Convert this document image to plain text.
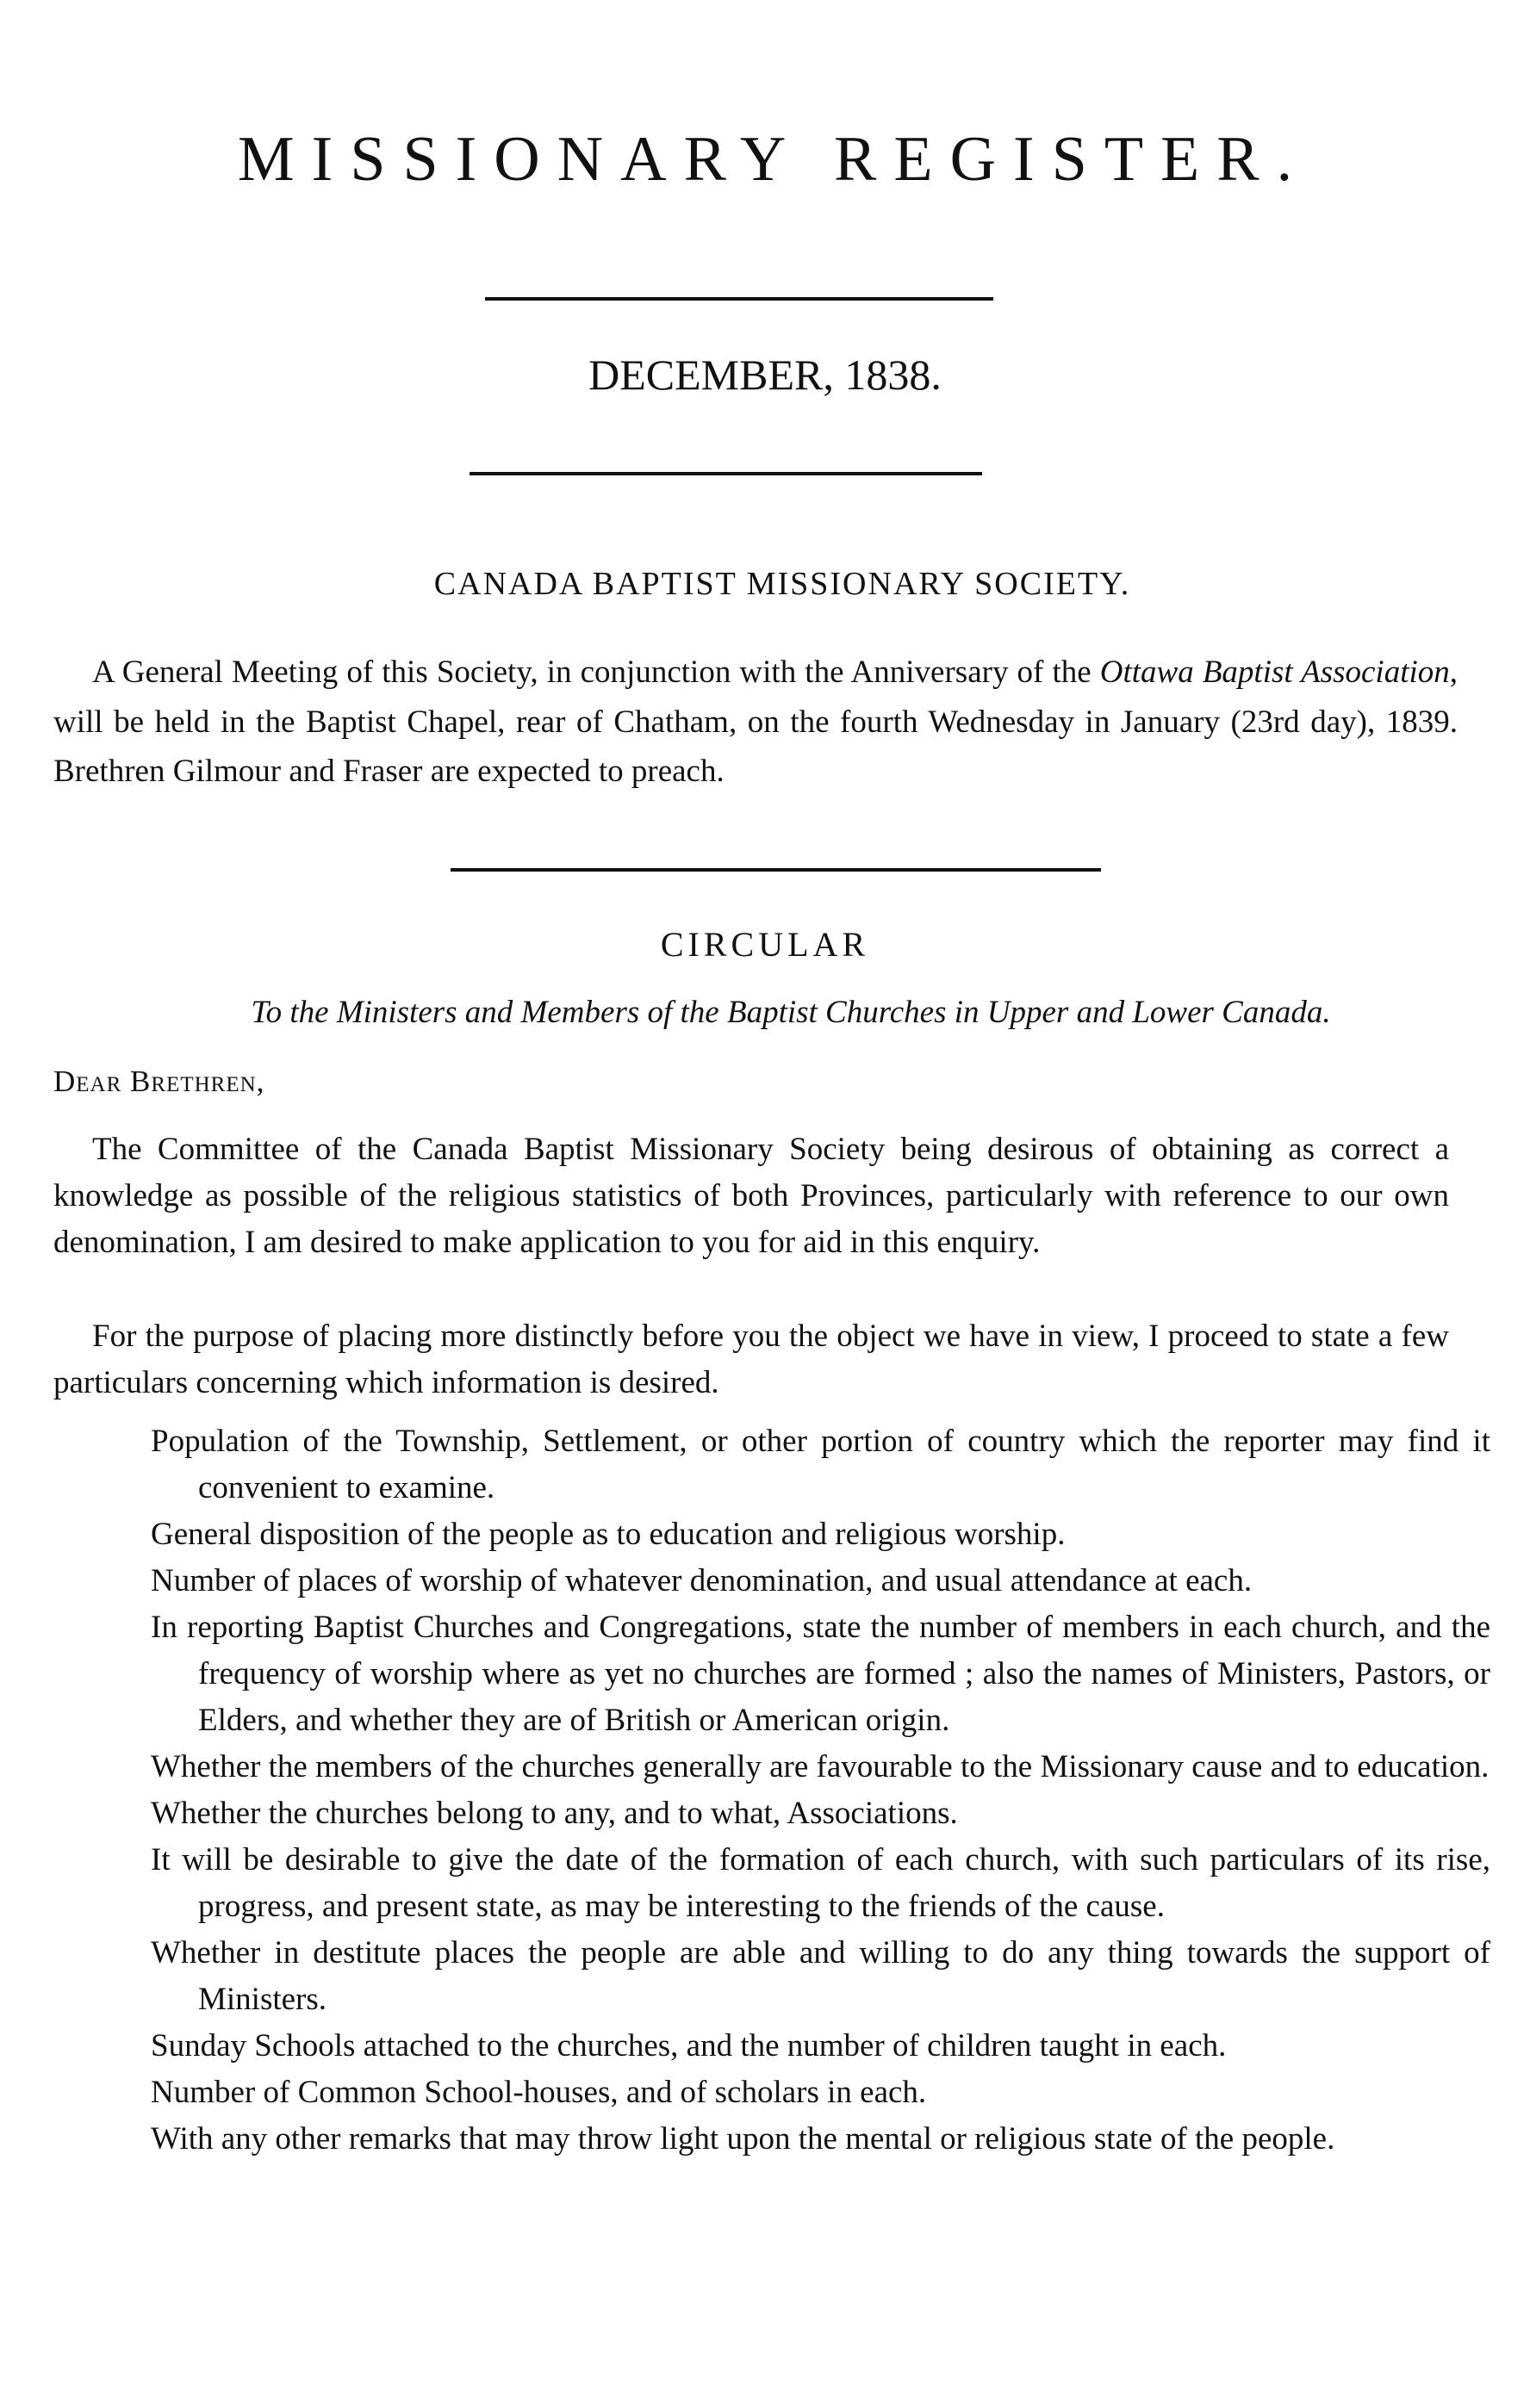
MISSIONARY REGISTER.
DECEMBER, 1838.
CANADA BAPTIST MISSIONARY SOCIETY.

A General Meeting of this Society, in conjunction with the Anniversary of the Ottawa Baptist Association, will be held in the Baptist Chapel, rear of Chatham, on the fourth Wednesday in January (23rd day), 1839. Brethren Gilmour and Fraser are expected to preach.

CIRCULAR
To the Ministers and Members of the Baptist Churches in Upper and Lower Canada.
Dear Brethren,

The Committee of the Canada Baptist Missionary Society being desirous of obtaining as correct a knowledge as possible of the religious statistics of both Provinces, particularly with reference to our own denomination, I am desired to make application to you for aid in this enquiry.

For the purpose of placing more distinctly before you the object we have in view, I proceed to state a few particulars concerning which information is desired.

Population of the Township, Settlement, or other portion of country which the reporter may find it convenient to examine.
General disposition of the people as to education and religious worship.
Number of places of worship of whatever denomination, and usual attendance at each.
In reporting Baptist Churches and Congregations, state the number of members in each church, and the frequency of worship where as yet no churches are formed ; also the names of Ministers, Pastors, or Elders, and whether they are of British or American origin.
Whether the members of the churches generally are favourable to the Missionary cause and to education.
Whether the churches belong to any, and to what, Associations.
It will be desirable to give the date of the formation of each church, with such particulars of its rise, progress, and present state, as may be interesting to the friends of the cause.
Whether in destitute places the people are able and willing to do any thing towards the support of Ministers.
Sunday Schools attached to the churches, and the number of children taught in each.
Number of Common School-houses, and of scholars in each.
With any other remarks that may throw light upon the mental or religious state of the people.
